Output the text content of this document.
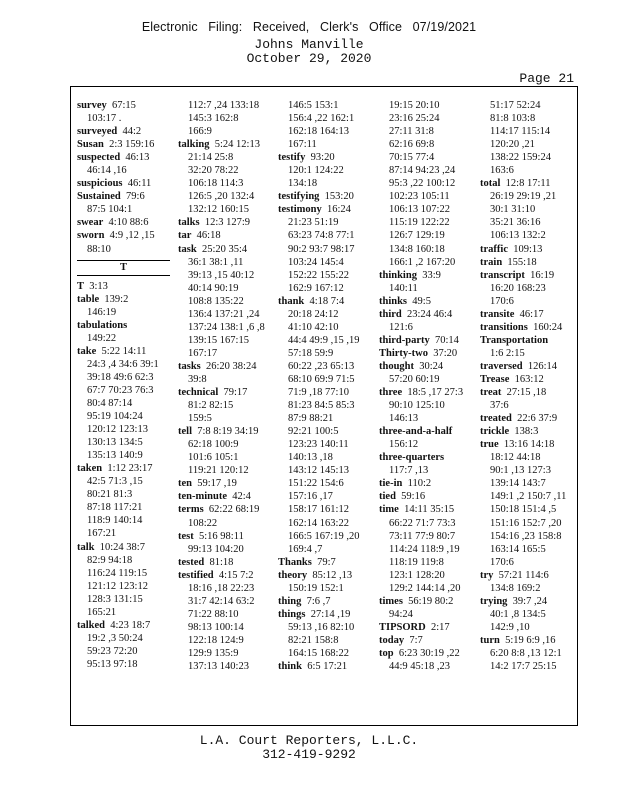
Electronic Filing: Received, Clerk's Office 07/19/2021
Johns Manville
October 29, 2020
Page 21
survey 67:15
103:17 .
surveyed 44:2
Susan 2:3 159:16
suspected 46:13
46:14 ,16
suspicious 46:11
Sustained 79:6
87:5 104:1
swear 4:10 88:6
sworn 4:9 ,12 ,15
88:10
T
T 3:13
table 139:2
146:19
tabulations
149:22
take 5:22 14:11
24:3 ,4 34:6 39:1
39:18 49:6 62:3
67:7 70:23 76:3
80:4 87:14
95:19 104:24
120:12 123:13
130:13 134:5
135:13 140:9
taken 1:12 23:17
42:5 71:3 ,15
80:21 81:3
87:18 117:21
118:9 140:14
167:21
talk 10:24 38:7
82:9 94:18
116:24 119:15
121:12 123:12
128:3 131:15
165:21
talked 4:23 18:7
19:2 ,3 50:24
59:23 72:20
95:13 97:18
112:7 ,24 133:18
145:3 162:8
166:9
talking 5:24 12:13
21:14 25:8
32:20 78:22
106:18 114:3
126:5 ,20 132:4
132:12 160:15
talks 12:3 127:9
tar 46:18
task 25:20 35:4
36:1 38:1 ,11
39:13 ,15 40:12
40:14 90:19
108:8 135:22
136:4 137:21 ,24
137:24 138:1 ,6 ,8
139:15 167:15
167:17
tasks 26:20 38:24
39:8
technical 79:17
81:2 82:15
159:5
tell 7:8 8:19 34:19
62:18 100:9
101:6 105:1
119:21 120:12
ten 59:17 ,19
ten-minute 42:4
terms 62:22 68:19
108:22
test 5:16 98:11
99:13 104:20
tested 81:18
testified 4:15 7:2
18:16 ,18 22:23
31:7 42:14 63:2
71:22 88:10
98:13 100:14
122:18 124:9
129:9 135:9
137:13 140:23
146:5 153:1
156:4 ,22 162:1
162:18 164:13
167:11
testify 93:20
120:1 124:22
134:18
testifying 153:20
testimony 16:24
21:23 51:19
63:23 74:8 77:1
90:2 93:7 98:17
103:24 145:4
152:22 155:22
162:9 167:12
thank 4:18 7:4
20:18 24:12
41:10 42:10
44:4 49:9 ,15 ,19
57:18 59:9
60:22 ,23 65:13
68:10 69:9 71:5
71:9 ,18 77:10
81:23 84:5 85:3
87:9 88:21
92:21 100:5
123:23 140:11
140:13 ,18
143:12 145:13
151:22 154:6
157:16 ,17
158:17 161:12
162:14 163:22
166:5 167:19 ,20
169:4 ,7
Thanks 79:7
theory 85:12 ,13
150:19 152:1
thing 7:6 ,7
things 27:14 ,19
59:13 ,16 82:10
82:21 158:8
164:15 168:22
think 6:5 17:21
19:15 20:10
23:16 25:24
27:11 31:8
62:16 69:8
70:15 77:4
87:14 94:23 ,24
95:3 ,22 100:12
102:23 105:11
106:13 107:22
115:19 122:22
126:7 129:19
134:8 160:18
166:1 ,2 167:20
thinking 33:9
140:11
thinks 49:5
third 23:24 46:4
121:6
third-party 70:14
Thirty-two 37:20
thought 30:24
57:20 60:19
three 18:5 ,17 27:3
90:10 125:10
146:13
three-and-a-half
156:12
three-quarters
117:7 ,13
tie-in 110:2
tied 59:16
time 14:11 35:15
66:22 71:7 73:3
73:11 77:9 80:7
114:24 118:9 ,19
118:19 119:8
123:1 128:20
129:2 144:14 ,20
times 56:19 80:2
94:24
TIPSORD 2:17
today 7:7
top 6:23 30:19 ,22
44:9 45:18 ,23
51:17 52:24
81:8 103:8
114:17 115:14
120:20 ,21
138:22 159:24
163:6
total 12:8 17:11
26:19 29:19 ,21
30:1 31:10
35:21 36:16
106:13 132:2
traffic 109:13
train 155:18
transcript 16:19
16:20 168:23
170:6
transite 46:17
transitions 160:24
Transportation
1:6 2:15
traversed 126:14
Trease 163:12
treat 27:15 ,18
37:6
treated 22:6 37:9
trickle 138:3
true 13:16 14:18
18:12 44:18
90:1 ,13 127:3
139:14 143:7
149:1 ,2 150:7 ,11
150:18 151:4 ,5
151:16 152:7 ,20
154:16 ,23 158:8
163:14 165:5
170:6
try 57:21 114:6
134:8 169:2
trying 39:7 ,24
40:1 ,8 134:5
142:9 ,10
turn 5:19 6:9 ,16
6:20 8:8 ,13 12:1
14:2 17:7 25:15
L.A. Court Reporters, L.L.C.
312-419-9292
